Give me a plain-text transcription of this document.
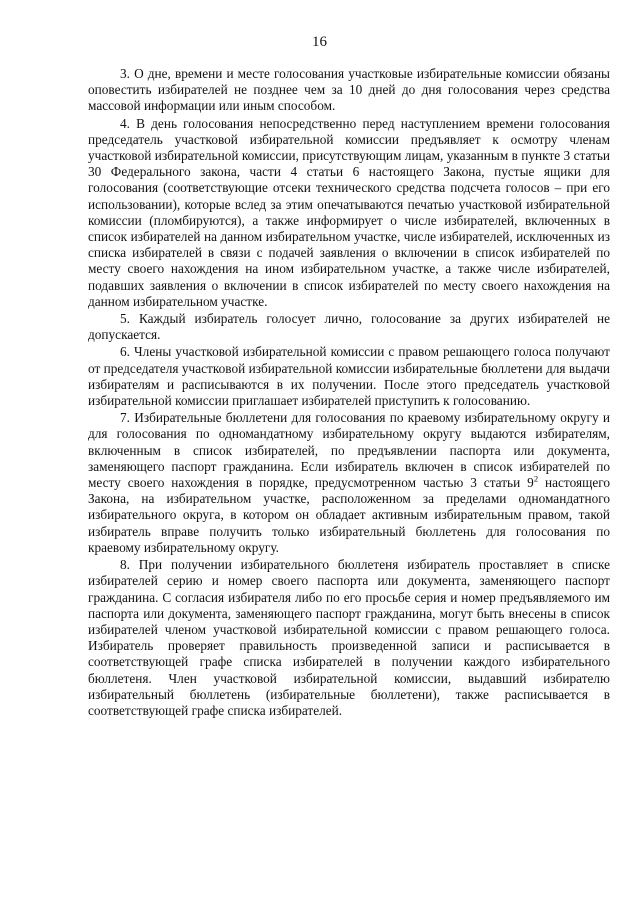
16

3. О дне, времени и месте голосования участковые избирательные комиссии обязаны оповестить избирателей не позднее чем за 10 дней до дня голосования через средства массовой информации или иным способом.

4. В день голосования непосредственно перед наступлением времени голосования председатель участковой избирательной комиссии предъявляет к осмотру членам участковой избирательной комиссии, присутствующим лицам, указанным в пункте 3 статьи 30 Федерального закона, части 4 статьи 6 настоящего Закона, пустые ящики для голосования (соответствующие отсеки технического средства подсчета голосов – при его использовании), которые вслед за этим опечатываются печатью участковой избирательной комиссии (пломбируются), а также информирует о числе избирателей, включенных в список избирателей на данном избирательном участке, числе избирателей, исключенных из списка избирателей в связи с подачей заявления о включении в список избирателей по месту своего нахождения на ином избирательном участке, а также числе избирателей, подавших заявления о включении в список избирателей по месту своего нахождения на данном избирательном участке.

5. Каждый избиратель голосует лично, голосование за других избирателей не допускается.

6. Члены участковой избирательной комиссии с правом решающего голоса получают от председателя участковой избирательной комиссии избирательные бюллетени для выдачи избирателям и расписываются в их получении. После этого председатель участковой избирательной комиссии приглашает избирателей приступить к голосованию.

7. Избирательные бюллетени для голосования по краевому избирательному округу и для голосования по одномандатному избирательному округу выдаются избирателям, включенным в список избирателей, по предъявлении паспорта или документа, заменяющего паспорт гражданина. Если избиратель включен в список избирателей по месту своего нахождения в порядке, предусмотренном частью 3 статьи $9^2$ настоящего Закона, на избирательном участке, расположенном за пределами одномандатного избирательного округа, в котором он обладает активным избирательным правом, такой избиратель вправе получить только избирательный бюллетень для голосования по краевому избирательному округу.

8. При получении избирательного бюллетеня избиратель проставляет в списке избирателей серию и номер своего паспорта или документа, заменяющего паспорт гражданина. С согласия избирателя либо по его просьбе серия и номер предъявляемого им паспорта или документа, заменяющего паспорт гражданина, могут быть внесены в список избирателей членом участковой избирательной комиссии с правом решающего голоса. Избиратель проверяет правильность произведенной записи и расписывается в соответствующей графе списка избирателей в получении каждого избирательного бюллетеня. Член участковой избирательной комиссии, выдавший избирателю избирательный бюллетень (избирательные бюллетени), также расписывается в соответствующей графе списка избирателей.
